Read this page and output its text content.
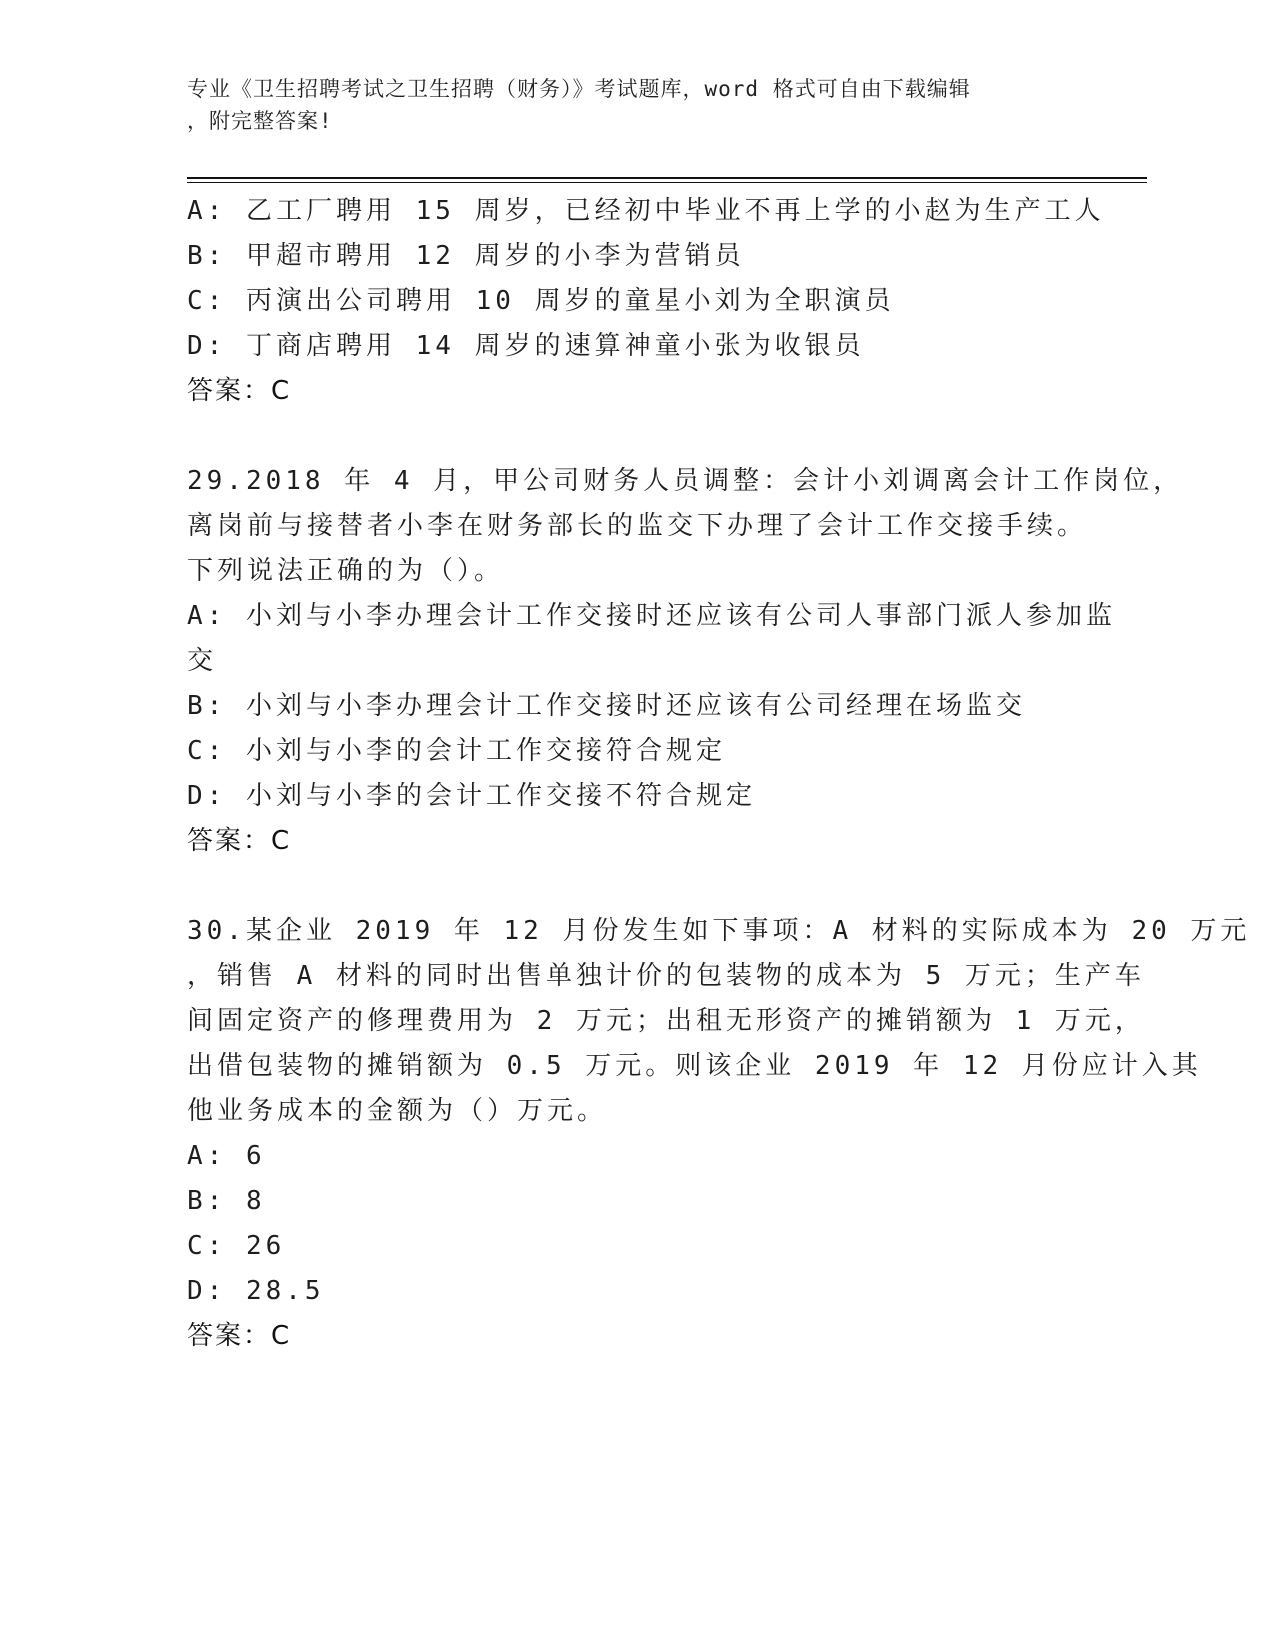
专业《卫生招聘考试之卫生招聘（财务）》考试题库，word 格式可自由下载编辑
，附完整答案!
A: 乙工厂聘用 15 周岁，已经初中毕业不再上学的小赵为生产工人
B: 甲超市聘用 12 周岁的小李为营销员
C: 丙演出公司聘用 10 周岁的童星小刘为全职演员
D: 丁商店聘用 14 周岁的速算神童小张为收银员
答案：C
29.2018 年 4 月，甲公司财务人员调整：会计小刘调离会计工作岗位，
离岗前与接替者小李在财务部长的监交下办理了会计工作交接手续。
下列说法正确的为（）。
A: 小刘与小李办理会计工作交接时还应该有公司人事部门派人参加监
交
B: 小刘与小李办理会计工作交接时还应该有公司经理在场监交
C: 小刘与小李的会计工作交接符合规定
D: 小刘与小李的会计工作交接不符合规定
答案：C
30.某企业 2019 年 12 月份发生如下事项：A 材料的实际成本为 20 万元
，销售 A 材料的同时出售单独计价的包装物的成本为 5 万元；生产车
间固定资产的修理费用为 2 万元；出租无形资产的摊销额为 1 万元，
出借包装物的摊销额为 0.5 万元。则该企业 2019 年 12 月份应计入其
他业务成本的金额为（）万元。
A: 6
B: 8
C: 26
D: 28.5
答案：C
